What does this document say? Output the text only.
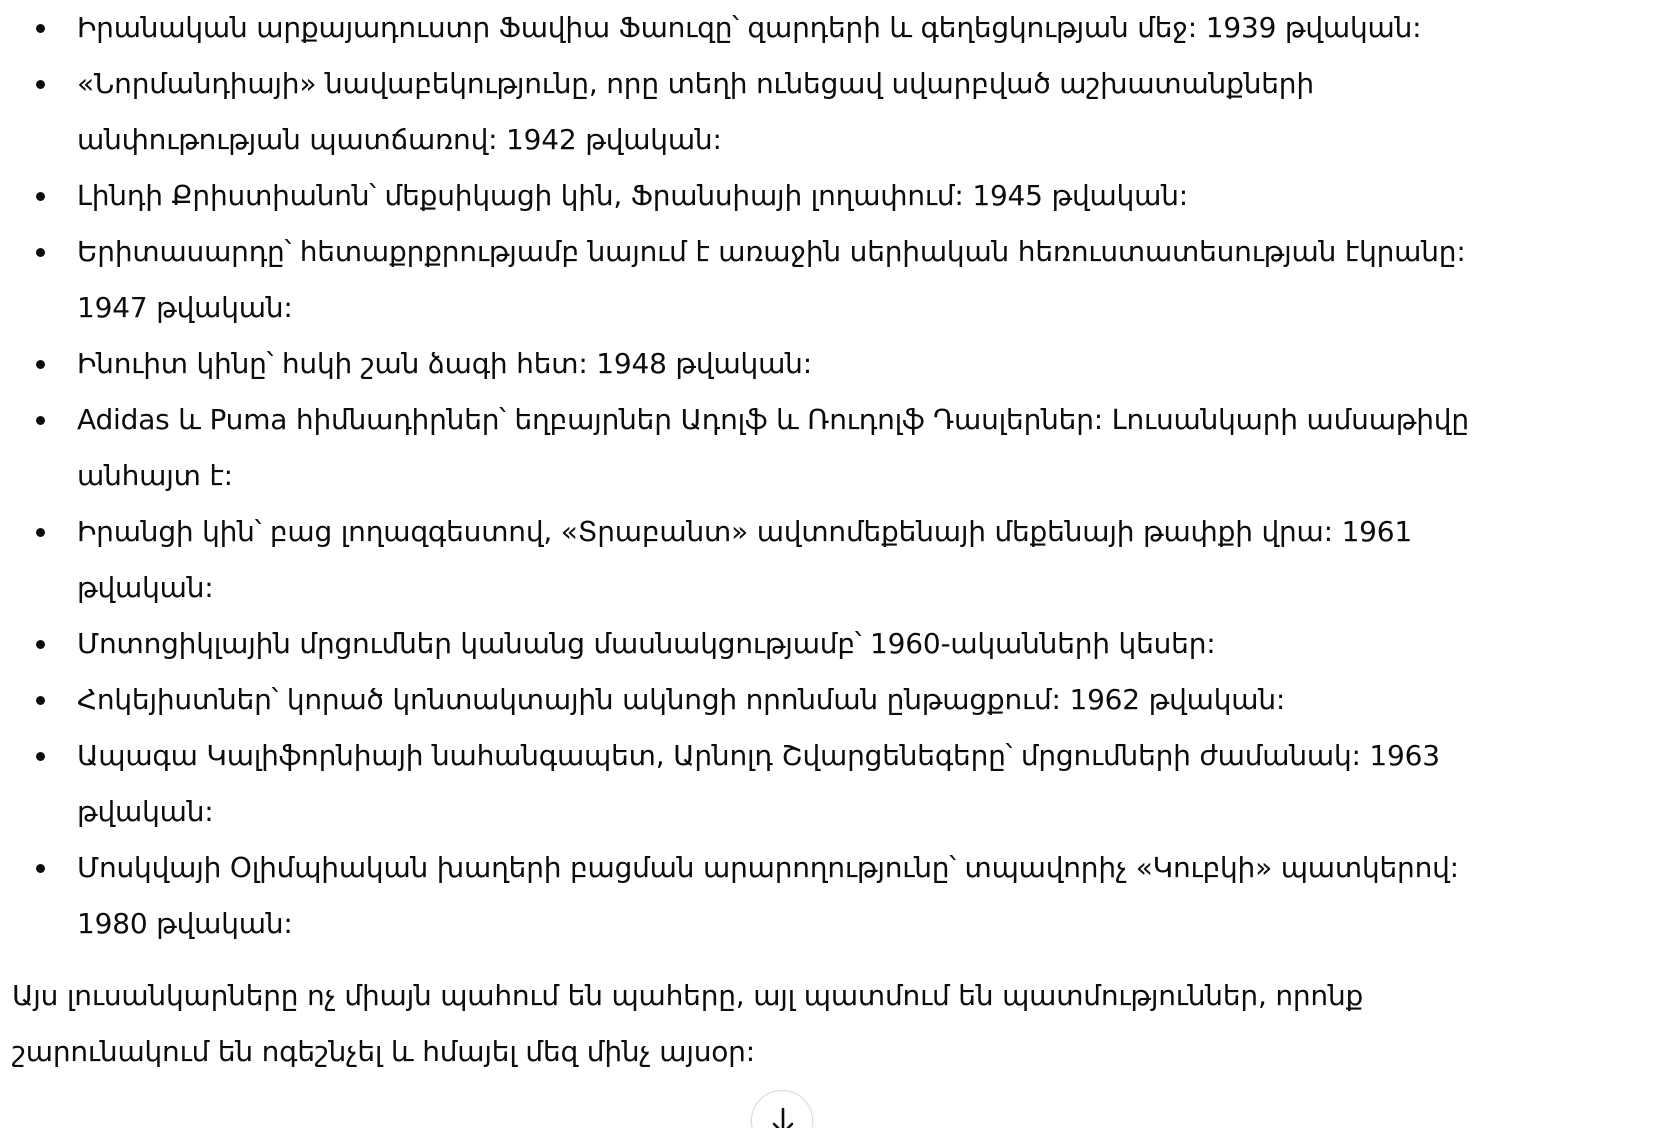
Իրանական արքայադուստր Ֆավիա Ֆաուզը՝ զարդերի և գեղեցկության մեջ: 1939 թվական:
«Նորմանդիայի» նավաբեկությունը, որը տեղի ունեցավ սվարբված աշխատանքների անփութության պատճառով: 1942 թվական:
Լինդի Քրիստիանոն՝ մեքսիկացի կին, Ֆրանսիայի լողափում: 1945 թվական:
Երիտասարդը՝ հետաքրքրությամբ նայում է առաջին սերիական հեռուստատեսության էկրանը: 1947 թվական:
Ինուիտ կինը՝ հսկի շան ձագի հետ: 1948 թվական:
Adidas և Puma հիմնադիրներ՝ եղբայրներ Ադոլֆ և Ռուդոլֆ Դասլերներ: Լուսանկարի ամսաթիվը անհայտ է:
Իրանցի կին՝ բաց լողազգեստով, «Տրաբանտ» ավտոմեքենայի մեքենայի թափքի վրա: 1961 թվական:
Մոտոցիկլային մրցումներ կանանց մասնակցությամբ՝ 1960-ականների կեսեր:
Հոկեյիստներ՝ կորած կոնտակտային ակնոցի որոնման ընթացքում: 1962 թվական:
Ապագա Կալիֆորնիայի նահանգապետ, Արնոլդ Շվարցենեգերը՝ մրցումների ժամանակ: 1963 թվական:
Մոսկվայի Օլիմպիական խաղերի բացման արարողությունը՝ տպավորիչ «Կուբկի» պատկերով: 1980 թվական:

Այս լուսանկարները ոչ միայն պահում են պահերը, այլ պատմում են պատմություններ, որոնք շարունակում են ոգեշնչել և հմայել մեզ մինչ այսօր:
